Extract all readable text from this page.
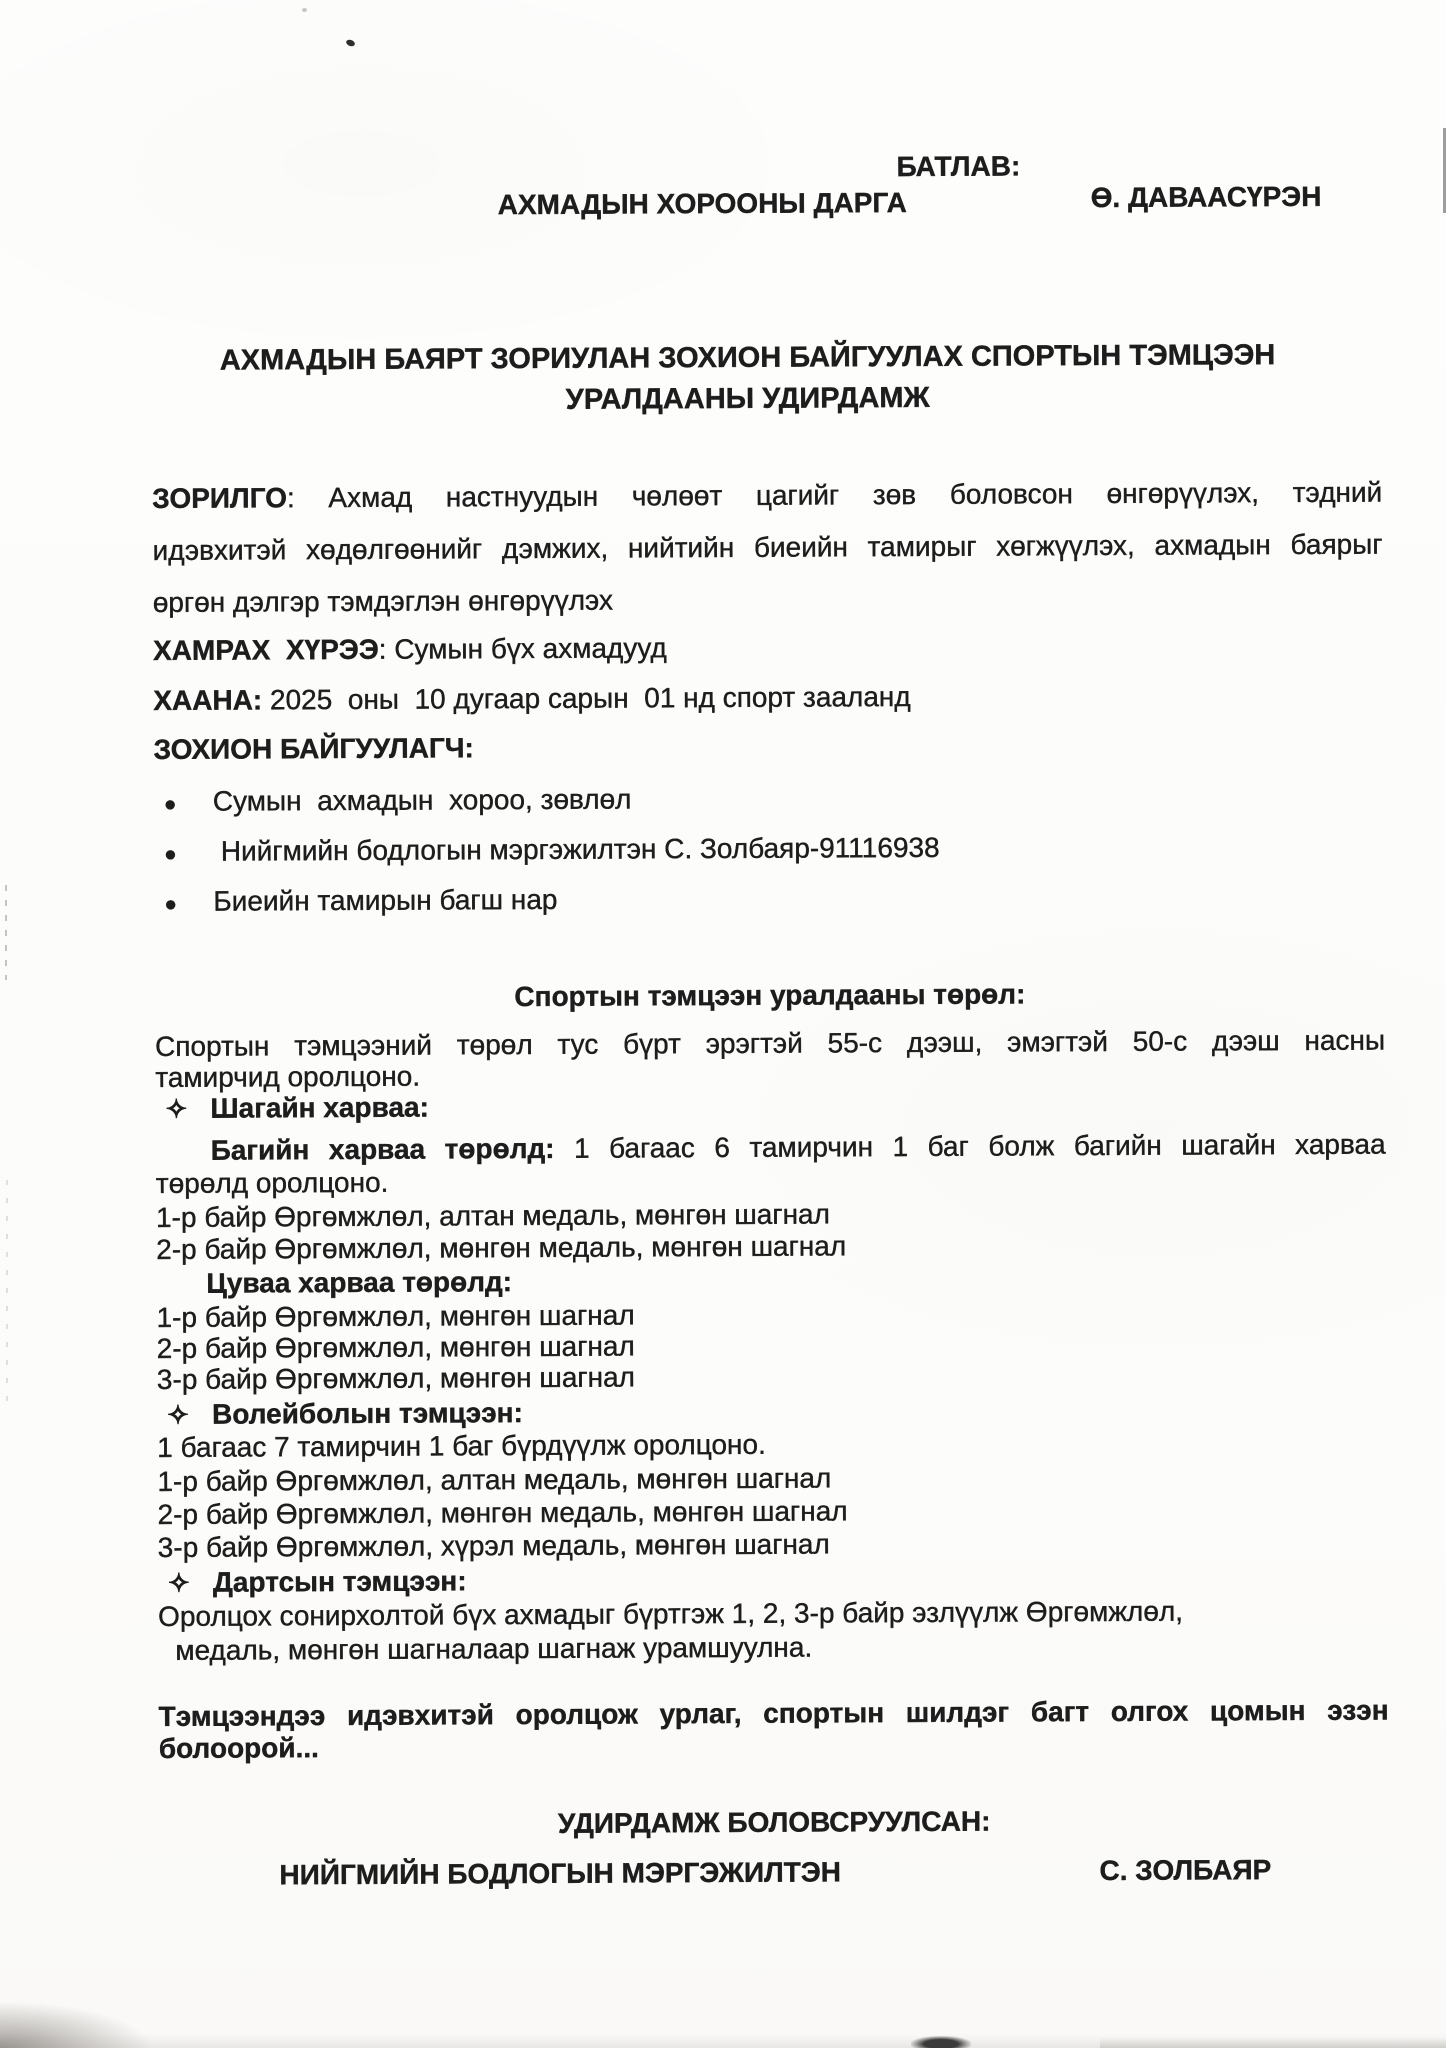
БАТЛАВ:
АХМАДЫН ХОРООНЫ ДАРГА	Ө. ДАВААСҮРЭН
АХМАДЫН БАЯРТ ЗОРИУЛАН ЗОХИОН БАЙГУУЛАХ СПОРТЫН ТЭМЦЭЭН
УРАЛДААНЫ УДИРДАМЖ
ЗОРИЛГО: Ахмад настнуудын чөлөөт цагийг зөв боловсон өнгөрүүлэх, тэдний
идэвхитэй хөдөлгөөнийг дэмжих, нийтийн биеийн тамирыг хөгжүүлэх, ахмадын баярыг
өргөн дэлгэр тэмдэглэн өнгөрүүлэх
ХАМРАХ  ХҮРЭЭ: Сумын бүх ахмадууд
ХААНА: 2025  оны  10 дугаар сарын  01 нд спорт зааланд
ЗОХИОН БАЙГУУЛАГЧ:
● Сумын  ахмадын  хороо, зөвлөл
● Нийгмийн бодлогын мэргэжилтэн С. Золбаяр-91116938
● Биеийн тамирын багш нар
Спортын тэмцээн уралдааны төрөл:
Спортын тэмцээний төрөл тус бүрт эрэгтэй 55-с дээш, эмэгтэй 50-с дээш насны
тамирчид оролцоно.
✧ Шагайн харваа:
Багийн харваа төрөлд: 1 багаас 6 тамирчин 1 баг болж багийн шагайн харваа
төрөлд оролцоно.
1-р байр Өргөмжлөл, алтан медаль, мөнгөн шагнал
2-р байр Өргөмжлөл, мөнгөн медаль, мөнгөн шагнал
Цуваа харваа төрөлд:
1-р байр Өргөмжлөл, мөнгөн шагнал
2-р байр Өргөмжлөл, мөнгөн шагнал
3-р байр Өргөмжлөл, мөнгөн шагнал
✧ Волейболын тэмцээн:
1 багаас 7 тамирчин 1 баг бүрдүүлж оролцоно.
1-р байр Өргөмжлөл, алтан медаль, мөнгөн шагнал
2-р байр Өргөмжлөл, мөнгөн медаль, мөнгөн шагнал
3-р байр Өргөмжлөл, хүрэл медаль, мөнгөн шагнал
✧ Дартсын тэмцээн:
Оролцох сонирхолтой бүх ахмадыг бүртгэж 1, 2, 3-р байр эзлүүлж Өргөмжлөл,
медаль, мөнгөн шагналаар шагнаж урамшуулна.
Тэмцээндээ идэвхитэй оролцож урлаг, спортын шилдэг багт олгох цомын эзэн
болоорой...
УДИРДАМЖ БОЛОВСРУУЛСАН:
НИЙГМИЙН БОДЛОГЫН МЭРГЭЖИЛТЭН	С. ЗОЛБАЯР
